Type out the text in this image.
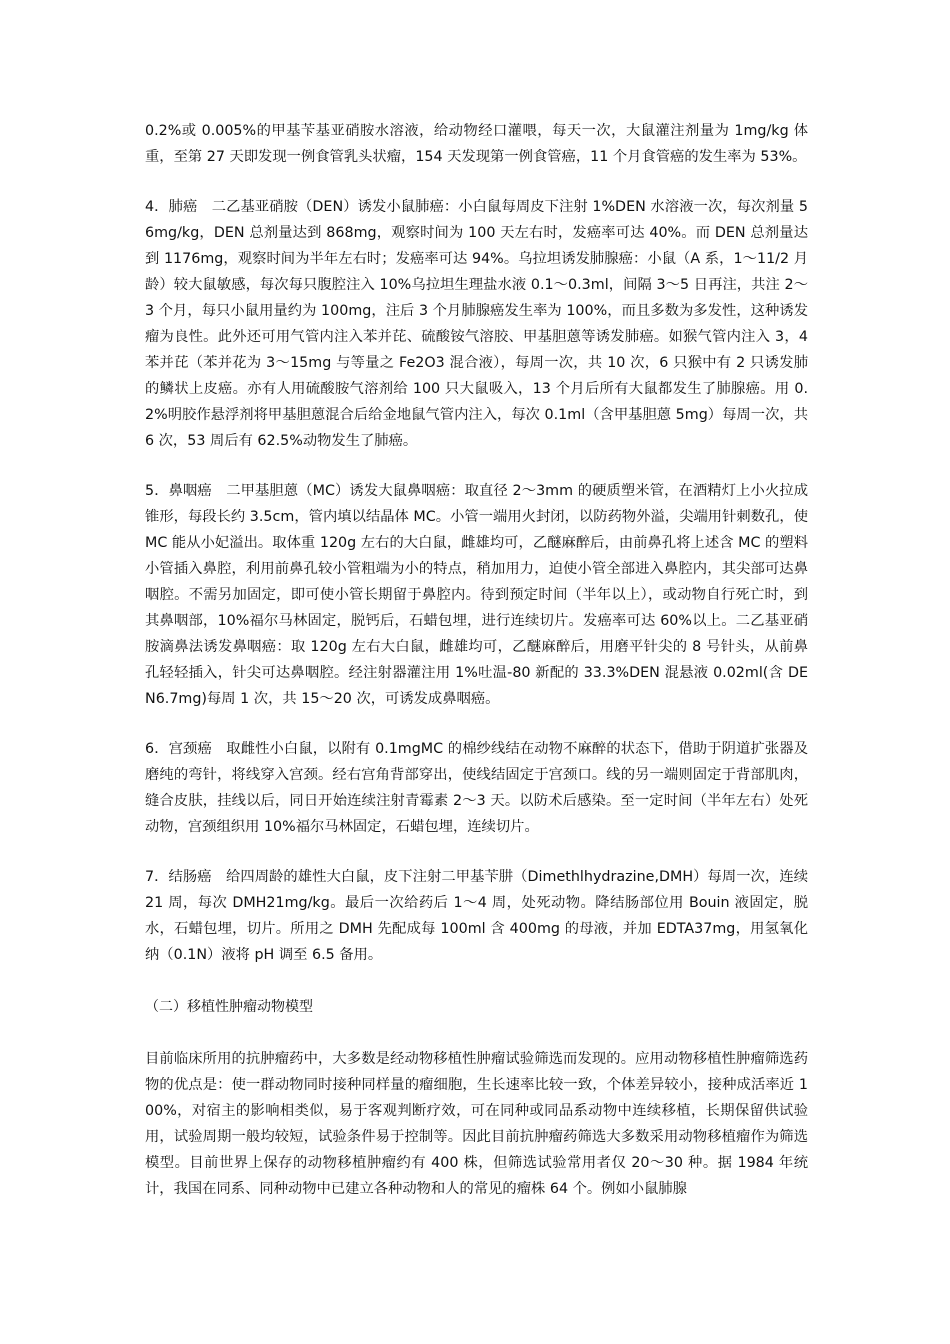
0.2%或 0.005%的甲基苄基亚硝胺水溶液，给动物经口灌喂，每天一次，大鼠灌注剂量为 1mg/kg 体重，至第 27 天即发现一例食管乳头状瘤，154 天发现第一例食管癌，11 个月食管癌的发生率为 53%。

4．肺癌　二乙基亚硝胺（DEN）诱发小鼠肺癌：小白鼠每周皮下注射 1%DEN 水溶液一次，每次剂量 56mg/kg，DEN 总剂量达到 868mg，观察时间为 100 天左右时，发癌率可达 40%。而 DEN 总剂量达到 1176mg，观察时间为半年左右时；发癌率可达 94%。乌拉坦诱发肺腺癌：小鼠（A 系，1～11/2 月龄）较大鼠敏感，每次每只腹腔注入 10%乌拉坦生理盐水液 0.1～0.3ml，间隔 3～5 日再注，共注 2～3 个月，每只小鼠用量约为 100mg，注后 3 个月肺腺癌发生率为 100%，而且多数为多发性，这种诱发瘤为良性。此外还可用气管内注入苯并芘、硫酸铵气溶胶、甲基胆蒽等诱发肺癌。如猴气管内注入 3，4 苯并芘（苯并花为 3～15mg 与等量之 Fe2O3 混合液），每周一次，共 10 次，6 只猴中有 2 只诱发肺的鳞状上皮癌。亦有人用硫酸胺气溶剂给 100 只大鼠吸入，13 个月后所有大鼠都发生了肺腺癌。用 0.2%明胶作悬浮剂将甲基胆蒽混合后给金地鼠气管内注入，每次 0.1ml（含甲基胆蒽 5mg）每周一次，共 6 次，53 周后有 62.5%动物发生了肺癌。

5．鼻咽癌　二甲基胆蒽（MC）诱发大鼠鼻咽癌：取直径 2～3mm 的硬质塑米管，在酒精灯上小火拉成锥形，每段长约 3.5cm，管内填以结晶体 MC。小管一端用火封闭，以防药物外溢，尖端用针刺数孔，使 MC 能从小妃溢出。取体重 120g 左右的大白鼠，雌雄均可，乙醚麻醉后，由前鼻孔将上述含 MC 的塑料小管插入鼻腔，利用前鼻孔较小管粗端为小的特点，稍加用力，迫使小管全部进入鼻腔内，其尖部可达鼻咽腔。不需另加固定，即可使小管长期留于鼻腔内。待到预定时间（半年以上），或动物自行死亡时，到其鼻咽部，10%福尔马林固定，脱钙后，石蜡包埋，进行连续切片。发癌率可达 60%以上。二乙基亚硝胺滴鼻法诱发鼻咽癌：取 120g 左右大白鼠，雌雄均可，乙醚麻醉后，用磨平针尖的 8 号针头，从前鼻孔轻轻插入，针尖可达鼻咽腔。经注射器灌注用 1%吐温-80 新配的 33.3%DEN 混悬液 0.02ml(含 DEN6.7mg)每周 1 次，共 15～20 次，可诱发成鼻咽癌。

6．宫颈癌　取雌性小白鼠，以附有 0.1mgMC 的棉纱线结在动物不麻醉的状态下，借助于阴道扩张器及磨纯的弯针，将线穿入宫颈。经右宫角背部穿出，使线结固定于宫颈口。线的另一端则固定于背部肌肉，缝合皮肤，挂线以后，同日开始连续注射青霉素 2～3 天。以防术后感染。至一定时间（半年左右）处死动物，宫颈组织用 10%福尔马林固定，石蜡包埋，连续切片。

7．结肠癌　给四周龄的雄性大白鼠，皮下注射二甲基苄肼（Dimethlhydrazine,DMH）每周一次，连续 21 周，每次 DMH21mg/kg。最后一次给药后 1～4 周，处死动物。降结肠部位用 Bouin 液固定，脱水，石蜡包埋，切片。所用之 DMH 先配成每 100ml 含 400mg 的母液，并加 EDTA37mg，用氢氧化纳（0.1N）液将 pH 调至 6.5 备用。

（二）移植性肿瘤动物模型

目前临床所用的抗肿瘤药中，大多数是经动物移植性肿瘤试验筛选而发现的。应用动物移植性肿瘤筛选药物的优点是：使一群动物同时接种同样量的瘤细胞，生长速率比较一致，个体差异较小，接种成活率近 100%，对宿主的影响相类似，易于客观判断疗效，可在同种或同品系动物中连续移植，长期保留供试验用，试验周期一般均较短，试验条件易于控制等。因此目前抗肿瘤药筛选大多数采用动物移植瘤作为筛选模型。目前世界上保存的动物移植肿瘤约有 400 株，但筛选试验常用者仅 20～30 种。据 1984 年统计，我国在同系、同种动物中已建立各种动物和人的常见的瘤株 64 个。例如小鼠肺腺
